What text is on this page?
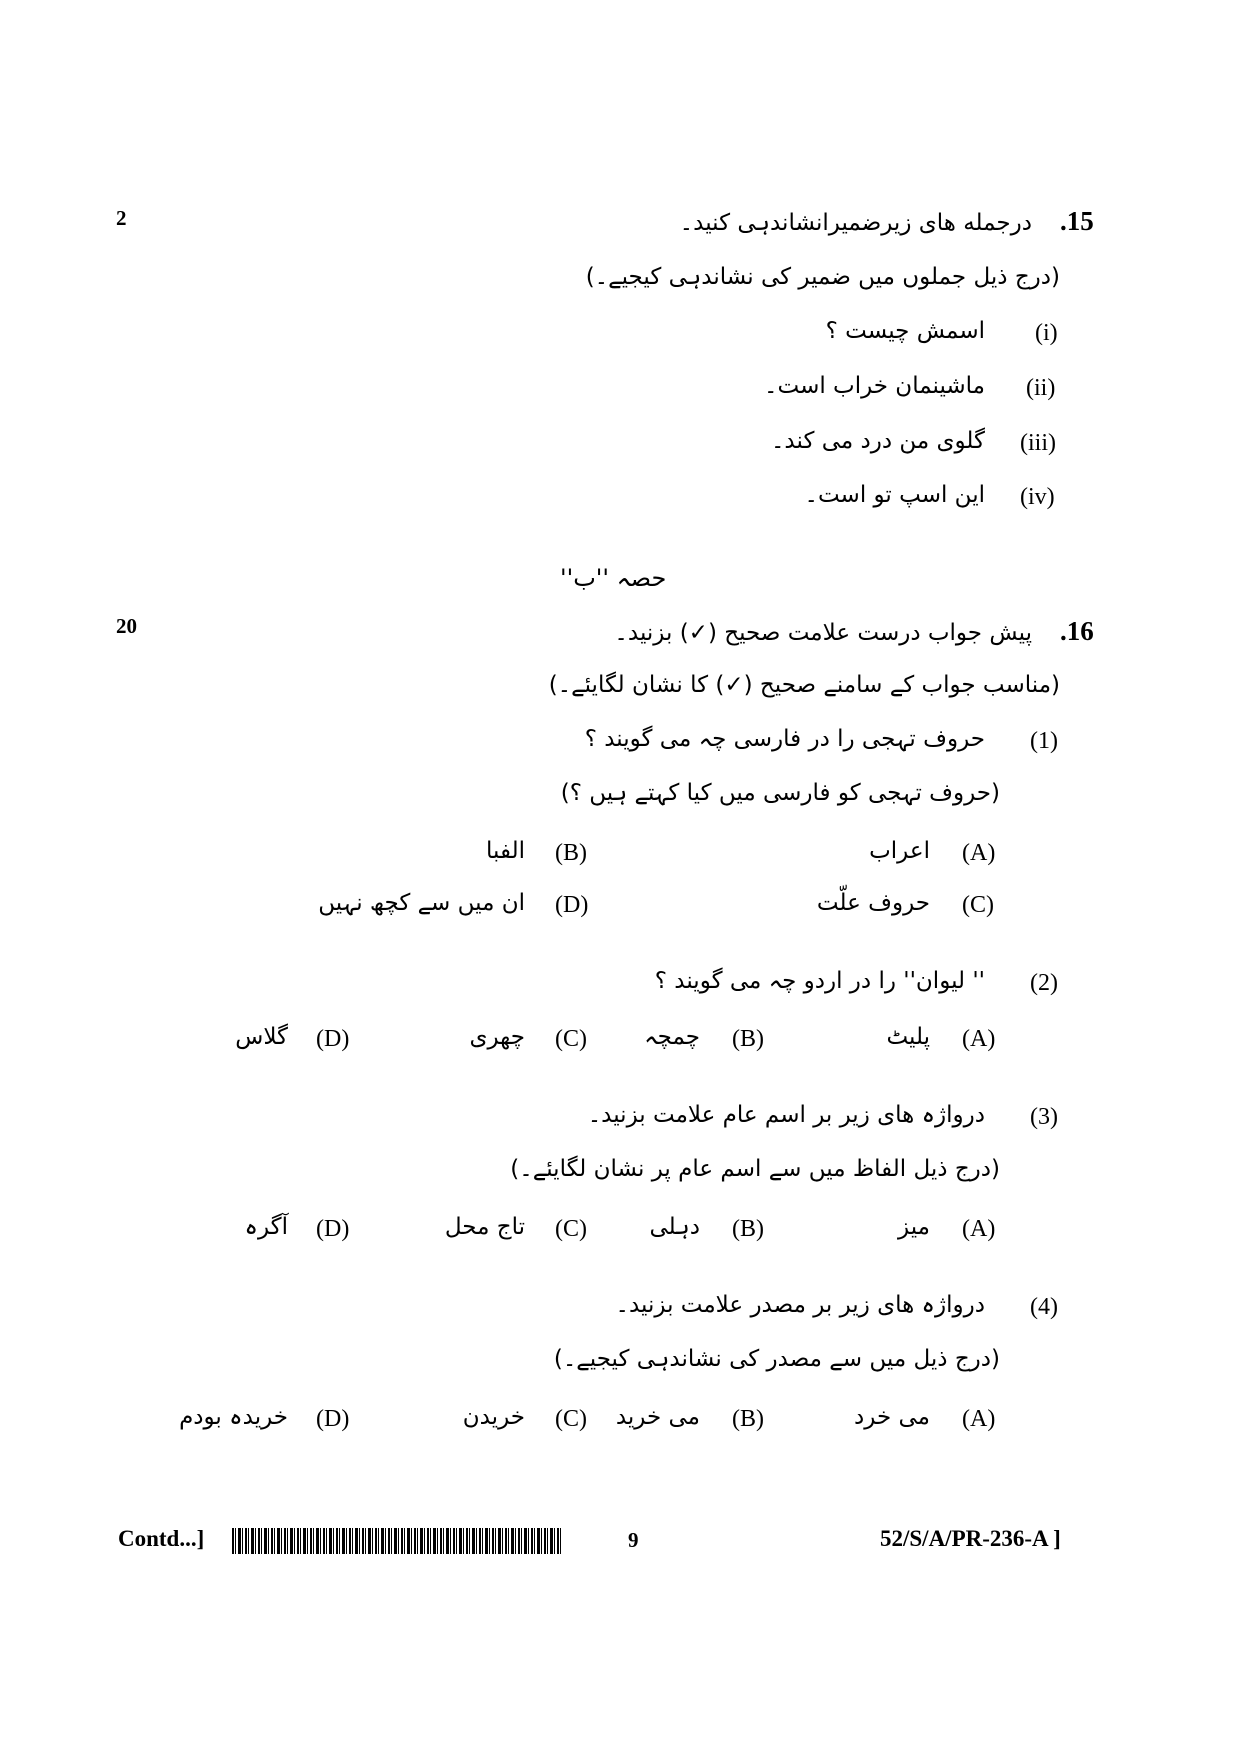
2	.15
درجمله های زیرضمیرانشاندہی کنید۔
(درج ذیل جملوں میں ضمیر کی نشاندہی کیجیے۔)
(i)
اسمش چیست ؟
(ii)
ماشینمان خراب است۔
(iii)
گلوی من درد می کند۔
(iv)
این اسپ تو است۔
حصہ ''ب''
20	.16
پیش جواب درست علامت صحیح (✓) بزنید۔
(مناسب جواب کے سامنے صحیح (✓) کا نشان لگایئے۔)
(1)
حروف تہجی را در فارسی چہ می گویند ؟
(حروف تہجی کو فارسی میں کیا کہتے ہیں ؟)
(A)
اعراب
(B)
الفبا
(C)
حروف علّت
(D)
ان میں سے کچھ نہیں
(2)
'' لیوان'' را در اردو چہ می گویند ؟
(A)
پلیٹ
(B)
چمچہ
(C)
چھری
(D)
گلاس
(3)
درواژہ های زیر بر اسم عام علامت بزنید۔
(درج ذیل الفاظ میں سے اسم عام پر نشان لگایئے۔)
(A)
میز
(B)
دہلی
(C)
تاج محل
(D)
آگرہ
(4)
درواژہ های زیر بر مصدر علامت بزنید۔
(درج ذیل میں سے مصدر کی نشاندہی کیجیے۔)
(A)
می خرد
(B)
می خرید
(C)
خریدن
(D)
خریدہ بودم
Contd...]	9	52/S/A/PR-236-A ]
